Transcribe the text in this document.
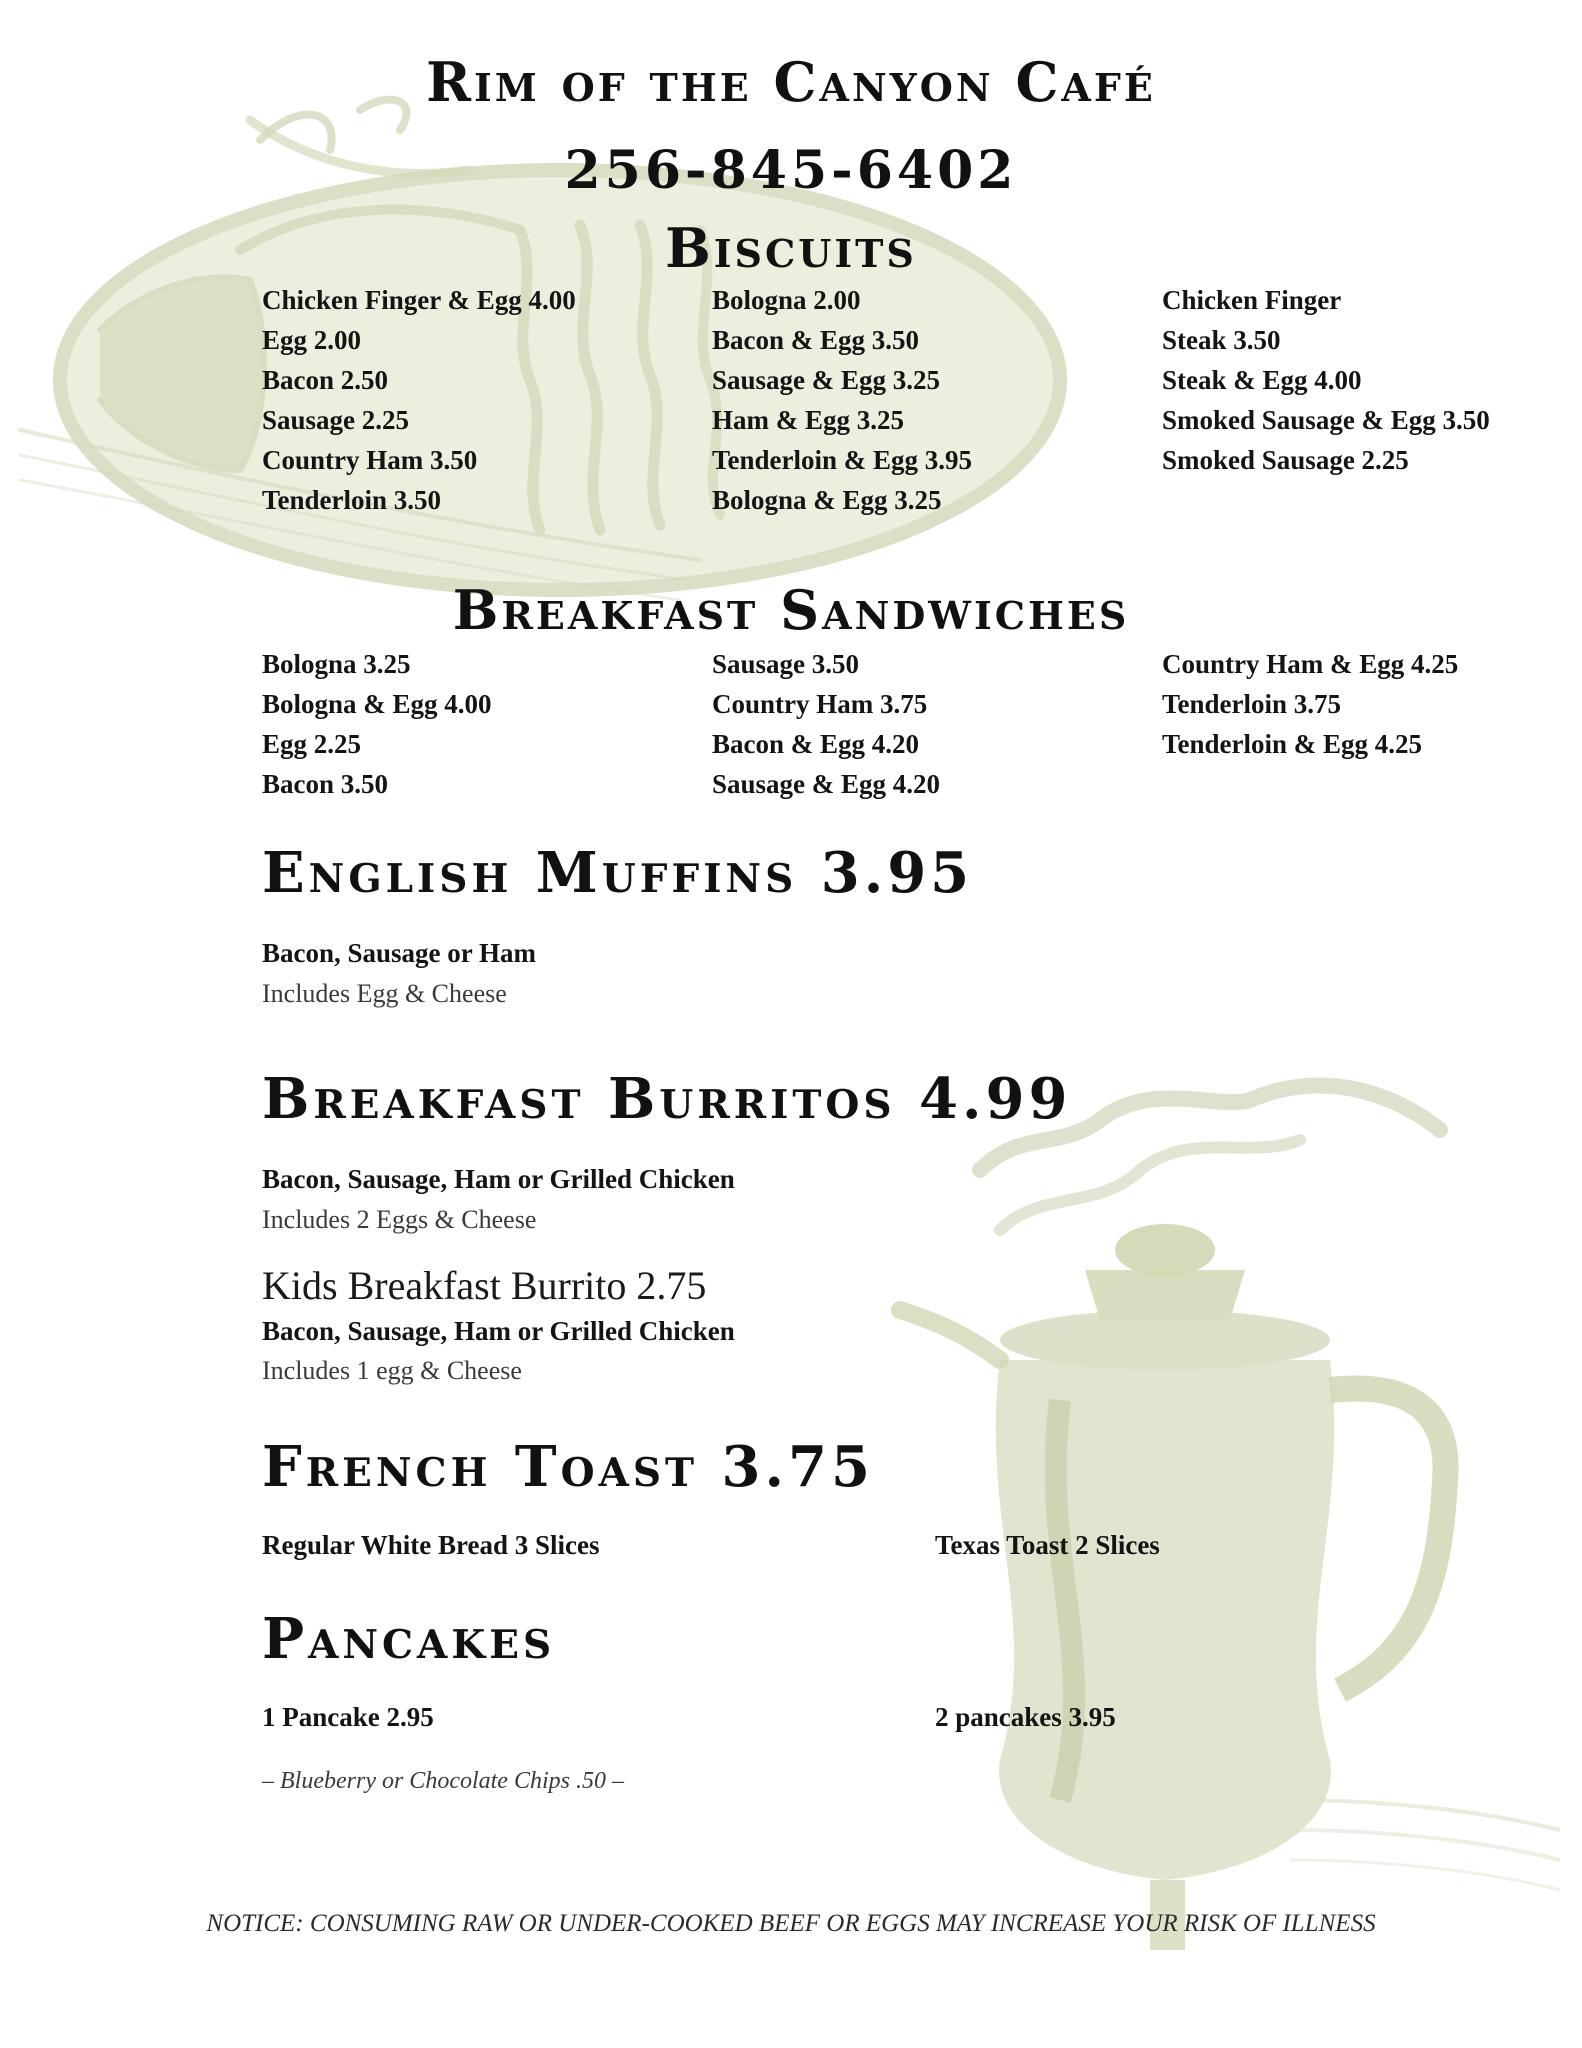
Rim of the Canyon Café
256-845-6402
Biscuits
Chicken Finger & Egg 4.00
Egg 2.00
Bacon 2.50
Sausage 2.25
Country Ham 3.50
Tenderloin 3.50
Bologna 2.00
Bacon & Egg 3.50
Sausage & Egg 3.25
Ham & Egg 3.25
Tenderloin & Egg 3.95
Bologna & Egg 3.25
Chicken Finger
Steak 3.50
Steak & Egg 4.00
Smoked Sausage & Egg 3.50
Smoked Sausage 2.25
Breakfast Sandwiches
Bologna 3.25
Bologna & Egg 4.00
Egg 2.25
Bacon 3.50
Sausage 3.50
Country Ham 3.75
Bacon & Egg 4.20
Sausage & Egg 4.20
Country Ham & Egg 4.25
Tenderloin 3.75
Tenderloin & Egg 4.25
English Muffins 3.95
Bacon, Sausage or Ham
Includes Egg & Cheese
Breakfast Burritos 4.99
Bacon, Sausage, Ham or Grilled Chicken
Includes 2 Eggs & Cheese
Kids Breakfast Burrito 2.75
Bacon, Sausage, Ham or Grilled Chicken
Includes 1 egg & Cheese
French Toast 3.75
Regular White Bread 3 Slices	Texas Toast 2 Slices
Pancakes
1 Pancake 2.95	2 pancakes 3.95
– Blueberry or Chocolate Chips .50 –
NOTICE: CONSUMING RAW OR UNDER-COOKED BEEF OR EGGS MAY INCREASE YOUR RISK OF ILLNESS
